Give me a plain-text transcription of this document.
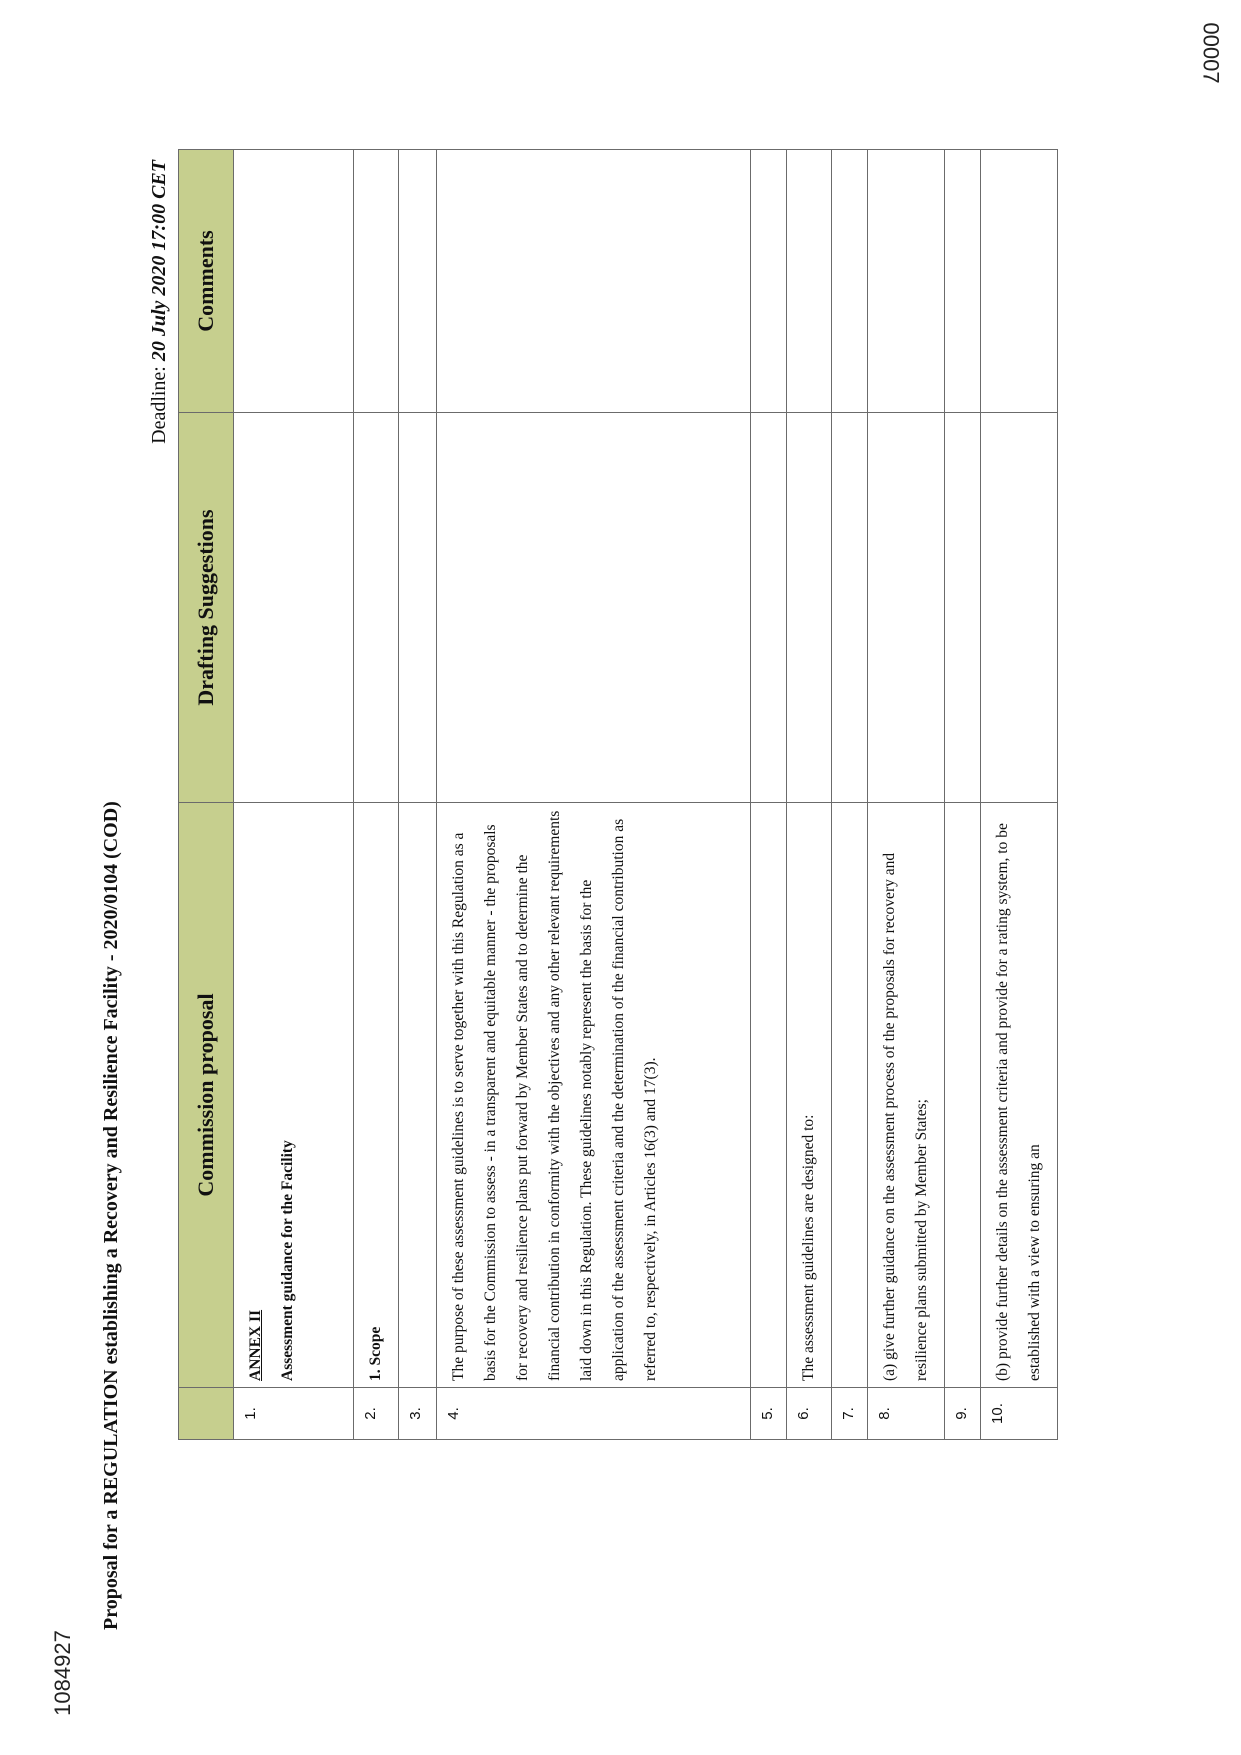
00007
1084927
Proposal for a REGULATION establishing a Recovery and Resilience Facility - 2020/0104 (COD)
Deadline: 20 July 2020 17:00 CET
	Commission proposal	Drafting Suggestions	Comments
1.	ANNEX II Assessment guidance for the Facility		

2.	1. Scope		
3.			
4.	The purpose of these assessment guidelines is to serve together with this Regulation as a basis for the Commission to assess - in a transparent and equitable manner - the proposals for recovery and resilience plans put forward by Member States and to determine the financial contribution in conformity with the objectives and any other relevant requirements laid down in this Regulation. These guidelines notably represent the basis for the application of the assessment criteria and the determination of the financial contribution as referred to, respectively, in Articles 16(3) and 17(3).		
5.			
6.	The assessment guidelines are designed to:		
7.			
8.	(a) give further guidance on the assessment process of the proposals for recovery and resilience plans submitted by Member States;		
9.			
10.	(b) provide further details on the assessment criteria and provide for a rating system, to be established with a view to ensuring an		
